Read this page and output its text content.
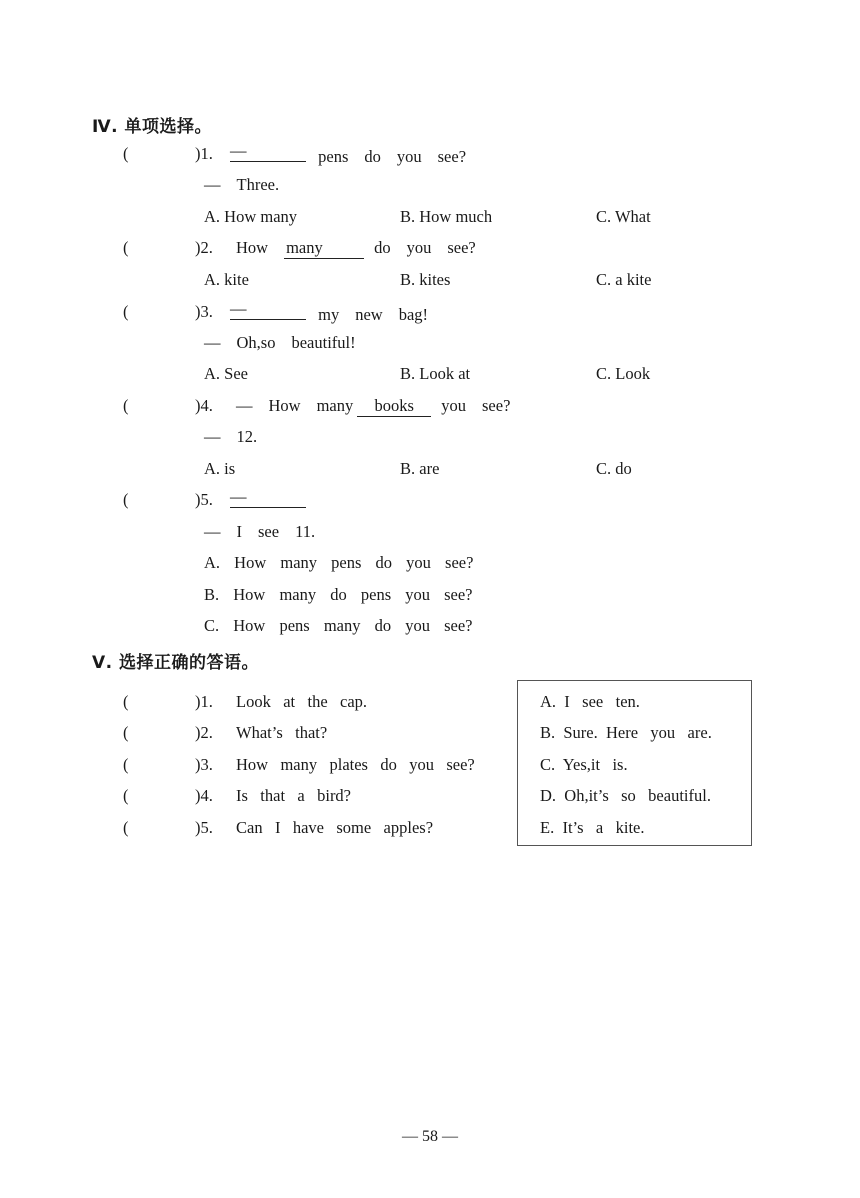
Ⅳ. 单项选择。
(	)1. —	pens do you see?
— Three.
A. How many	B. How much	C. What
(	)2. How many	do you see?
A. kite	B. kites	C. a kite
(	)3. —	my new bag!
— Oh,so beautiful!
A. See	B. Look at	C. Look
(	)4. — How many books you see?
— 12.
A. is	B. are	C. do
(	)5. —
— I see 11.
A. How many pens do you see?
B. How many do pens you see?
C. How pens many do you see?
Ⅴ. 选择正确的答语。
(	)1. Look   at   the   cap.
(	)2. What’s   that?
(	)3. How   many   plates   do   you   see?
(	)4. Is   that   a   bird?
(	)5. Can   I   have   some   apples?
A.  I   see   ten.
B.  Sure.  Here   you   are.
C.  Yes,it   is.
D.  Oh,it’s   so   beautiful.
E.  It’s   a   kite.
— 58 —
